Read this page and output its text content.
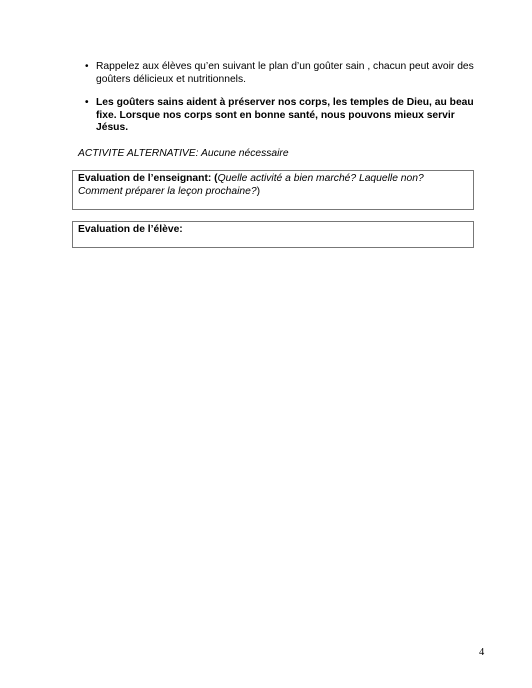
• Rappelez aux élèves qu’en suivant le plan d’un goûter sain , chacun peut avoir des goûters délicieux et nutritionnels.
• Les goûters sains aident à préserver nos corps, les temples de Dieu, au beau fixe. Lorsque nos corps sont en bonne santé, nous pouvons mieux servir Jésus.
ACTIVITE ALTERNATIVE: Aucune nécessaire
Evaluation de l’enseignant: (Quelle activité a bien marché? Laquelle non?
Comment préparer la leçon prochaine?)
Evaluation de l’élève:
4
